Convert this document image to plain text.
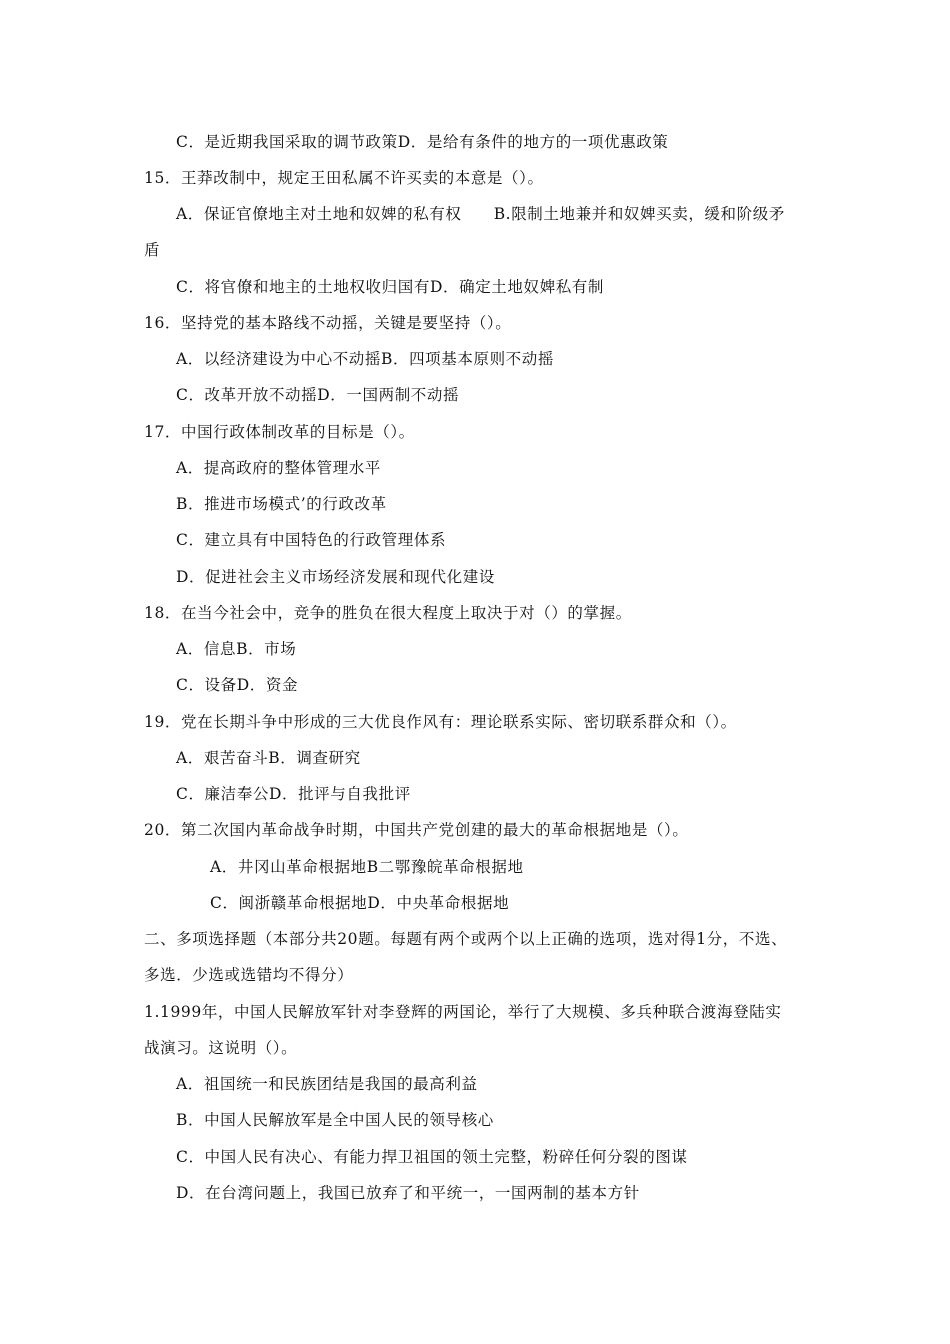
C．是近期我国采取的调节政策D．是给有条件的地方的一项优惠政策
15．王莽改制中，规定王田私属不许买卖的本意是（）。
A．保证官僚地主对土地和奴婢的私有权　　B.限制土地兼并和奴婢买卖，缓和阶级矛
盾
C．将官僚和地主的土地权收归国有D．确定土地奴婢私有制
16．坚持党的基本路线不动摇，关键是要坚持（）。
A．以经济建设为中心不动摇B．四项基本原则不动摇
C．改革开放不动摇D．一国两制不动摇
17．中国行政体制改革的目标是（）。
A．提高政府的整体管理水平
B．推进市场模式’的行政改革
C．建立具有中国特色的行政管理体系
D．促进社会主义市场经济发展和现代化建设
18．在当今社会中，竞争的胜负在很大程度上取决于对（）的掌握。
A．信息B．市场
C．设备D．资金
19．党在长期斗争中形成的三大优良作风有：理论联系实际、密切联系群众和（）。
A．艰苦奋斗B．调查研究
C．廉洁奉公D．批评与自我批评
20．第二次国内革命战争时期，中国共产党创建的最大的革命根据地是（）。
A．井冈山革命根据地B二鄂豫皖革命根据地
C．闽浙赣革命根据地D．中央革命根据地
二、多项选择题（本部分共20题。每题有两个或两个以上正确的选项，选对得1分，不选、
多选．少选或选错均不得分）
1.1999年，中国人民解放军针对李登辉的两国论，举行了大规模、多兵种联合渡海登陆实
战演习。这说明（）。
A．祖国统一和民族团结是我国的最高利益
B．中国人民解放军是全中国人民的领导核心
C．中国人民有决心、有能力捍卫祖国的领土完整，粉碎任何分裂的图谋
D．在台湾问题上，我国已放弃了和平统一，一国两制的基本方针
